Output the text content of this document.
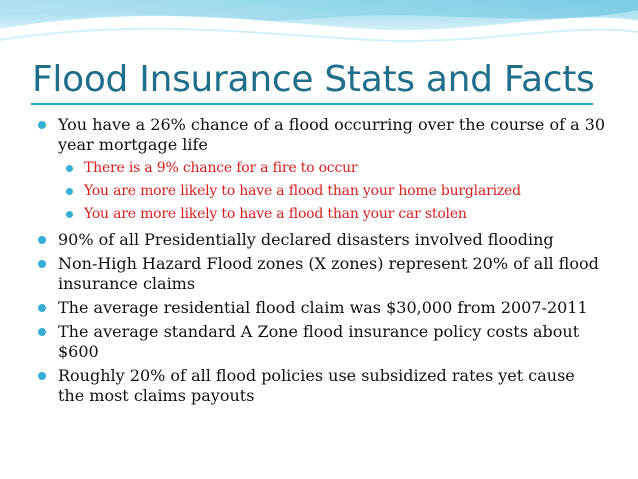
Flood Insurance Stats and Facts
You have a 26% chance of a flood occurring over the course of a 30 year mortgage life
There is a 9% chance for a fire to occur
You are more likely to have a flood than your home burglarized
You are more likely to have a flood than your car stolen
90% of all Presidentially declared disasters involved flooding
Non-High Hazard Flood zones (X zones) represent 20% of all flood insurance claims
The average residential flood claim was $30,000 from 2007-2011
The average standard A Zone flood insurance policy costs about $600
Roughly 20% of all flood policies use subsidized rates yet cause the most claims payouts
